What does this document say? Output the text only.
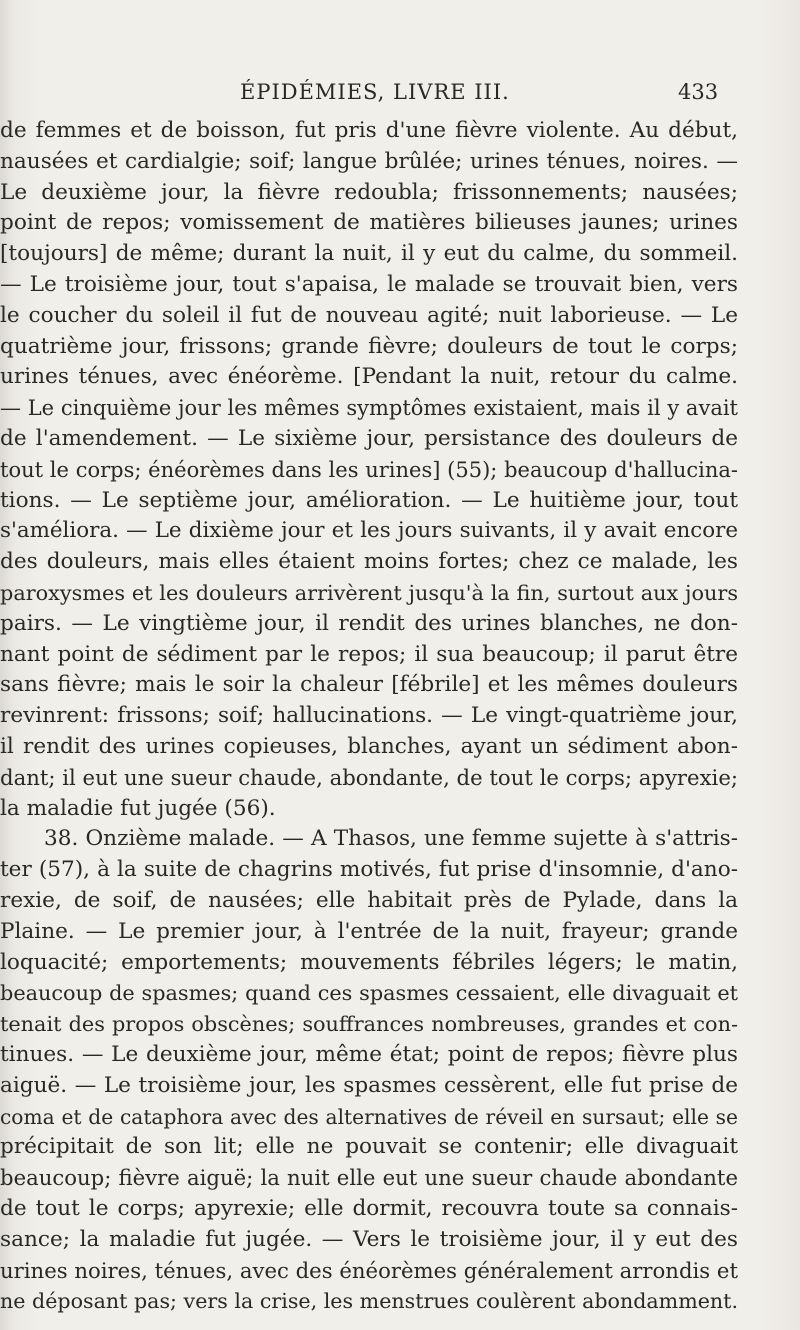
ÉPIDÉMIES, LIVRE III.	433
de femmes et de boisson, fut pris d'une fièvre violente. Au début,
nausées et cardialgie; soif; langue brûlée; urines ténues, noires. —
Le deuxième jour, la fièvre redoubla; frissonnements; nausées;
point de repos; vomissement de matières bilieuses jaunes; urines
[toujours] de même; durant la nuit, il y eut du calme, du sommeil.
— Le troisième jour, tout s'apaisa, le malade se trouvait bien, vers
le coucher du soleil il fut de nouveau agité; nuit laborieuse. — Le
quatrième jour, frissons; grande fièvre; douleurs de tout le corps;
urines ténues, avec énéorème. [Pendant la nuit, retour du calme.
— Le cinquième jour les mêmes symptômes existaient, mais il y avait
de l'amendement. — Le sixième jour, persistance des douleurs de
tout le corps; énéorèmes dans les urines] (55); beaucoup d'hallucina-
tions. — Le septième jour, amélioration. — Le huitième jour, tout
s'améliora. — Le dixième jour et les jours suivants, il y avait encore
des douleurs, mais elles étaient moins fortes; chez ce malade, les
paroxysmes et les douleurs arrivèrent jusqu'à la fin, surtout aux jours
pairs. — Le vingtième jour, il rendit des urines blanches, ne don-
nant point de sédiment par le repos; il sua beaucoup; il parut être
sans fièvre; mais le soir la chaleur [fébrile] et les mêmes douleurs
revinrent: frissons; soif; hallucinations. — Le vingt-quatrième jour,
il rendit des urines copieuses, blanches, ayant un sédiment abon-
dant; il eut une sueur chaude, abondante, de tout le corps; apyrexie;
la maladie fut jugée (56).
38. Onzième malade. — A Thasos, une femme sujette à s'attris-
ter (57), à la suite de chagrins motivés, fut prise d'insomnie, d'ano-
rexie, de soif, de nausées; elle habitait près de Pylade, dans la
Plaine. — Le premier jour, à l'entrée de la nuit, frayeur; grande
loquacité; emportements; mouvements fébriles légers; le matin,
beaucoup de spasmes; quand ces spasmes cessaient, elle divaguait et
tenait des propos obscènes; souffrances nombreuses, grandes et con-
tinues. — Le deuxième jour, même état; point de repos; fièvre plus
aiguë. — Le troisième jour, les spasmes cessèrent, elle fut prise de
coma et de cataphora avec des alternatives de réveil en sursaut; elle se
précipitait de son lit; elle ne pouvait se contenir; elle divaguait
beaucoup; fièvre aiguë; la nuit elle eut une sueur chaude abondante
de tout le corps; apyrexie; elle dormit, recouvra toute sa connais-
sance; la maladie fut jugée. — Vers le troisième jour, il y eut des
urines noires, ténues, avec des énéorèmes généralement arrondis et
ne déposant pas; vers la crise, les menstrues coulèrent abondamment.
